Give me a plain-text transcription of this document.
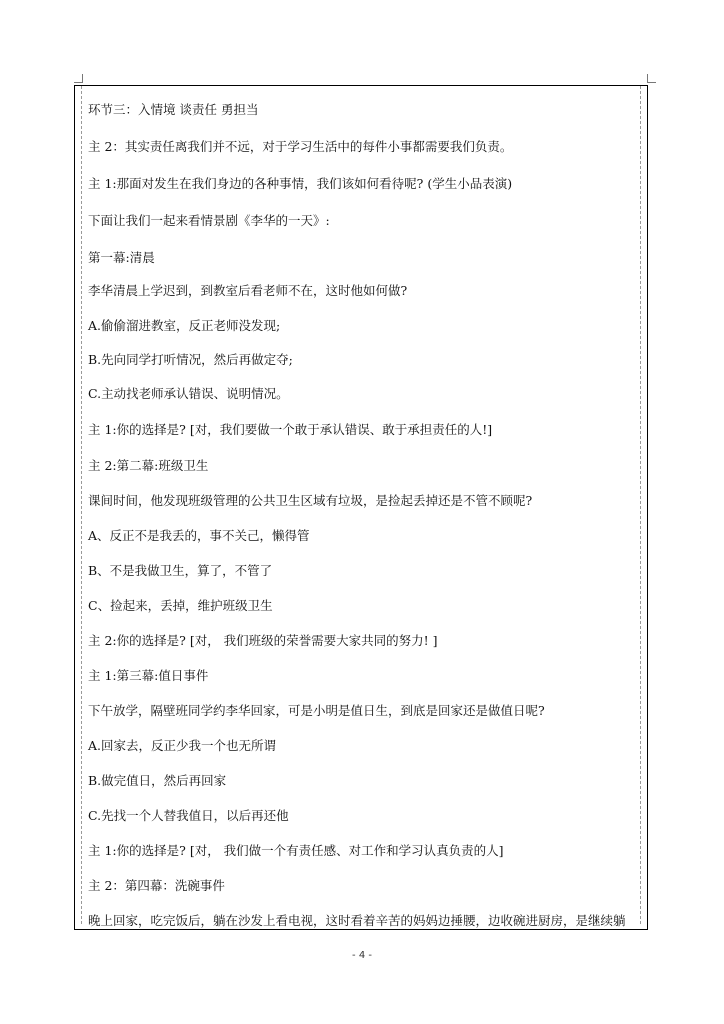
环节三：入情境 谈责任 勇担当
主 2：其实责任离我们并不远，对于学习生活中的每件小事都需要我们负责。
主 1:那面对发生在我们身边的各种事情，我们该如何看待呢? (学生小品表演)
下面让我们一起来看情景剧《李华的一天》:
第一幕:清晨
李华清晨上学迟到，到教室后看老师不在，这时他如何做?
A.偷偷溜进教室，反正老师没发现;
B.先向同学打听情况，然后再做定夺;
C.主动找老师承认错误、说明情况。
主 1:你的选择是? [对，我们要做一个敢于承认错误、敢于承担责任的人!]
主 2:第二幕:班级卫生
课间时间，他发现班级管理的公共卫生区域有垃圾，是捡起丢掉还是不管不顾呢?
A、反正不是我丢的，事不关己，懒得管
B、不是我做卫生，算了，不管了
C、捡起来，丢掉，维护班级卫生
主 2:你的选择是? [对， 我们班级的荣誉需要大家共同的努力! ]
主 1:第三幕:值日事件
下午放学，隔壁班同学约李华回家，可是小明是值日生，到底是回家还是做值日呢?
A.回家去，反正少我一个也无所谓
B.做完值日，然后再回家
C.先找一个人替我值日，以后再还他
主 1:你的选择是? [对， 我们做一个有责任感、对工作和学习认真负责的人]
主 2：第四幕：洗碗事件
晚上回家，吃完饭后，躺在沙发上看电视，这时看着辛苦的妈妈边捶腰，边收碗进厨房，是继续躺
- 4 -
